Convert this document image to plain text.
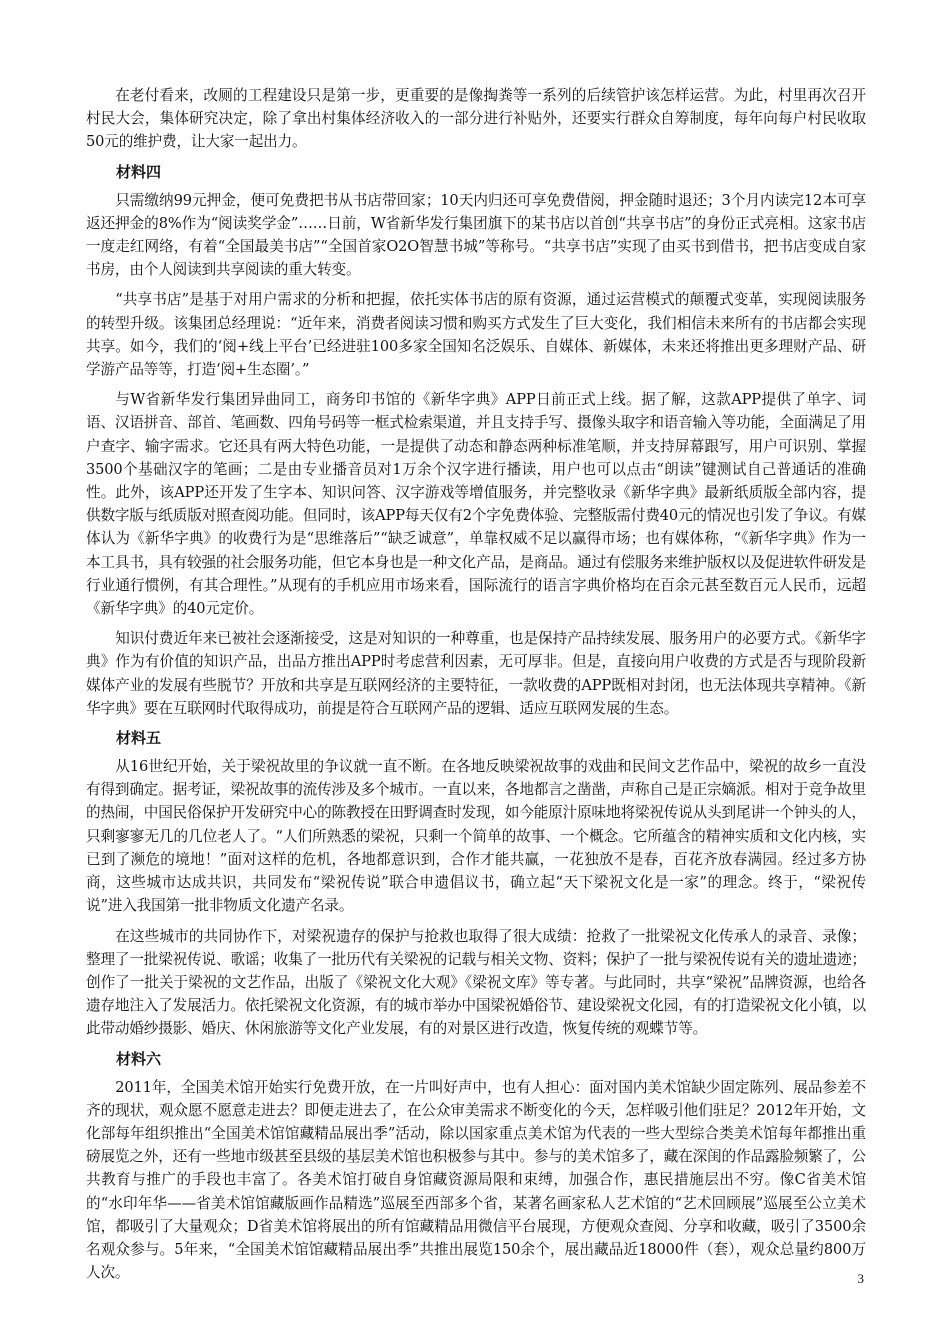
在老付看来，改厕的工程建设只是第一步，更重要的是像掏粪等一系列的后续管护该怎样运营。为此，村里再次召开村民大会，集体研究决定，除了拿出村集体经济收入的一部分进行补贴外，还要实行群众自筹制度，每年向每户村民收取50元的维护费，让大家一起出力。

材料四

只需缴纳99元押金，便可免费把书从书店带回家；10天内归还可享免费借阅，押金随时退还；3个月内读完12本可享返还押金的8%作为“阅读奖学金”……日前，W省新华发行集团旗下的某书店以首创“共享书店”的身份正式亮相。这家书店一度走红网络，有着“全国最美书店”“全国首家O2O智慧书城”等称号。“共享书店”实现了由买书到借书，把书店变成自家书房，由个人阅读到共享阅读的重大转变。

“共享书店”是基于对用户需求的分析和把握，依托实体书店的原有资源，通过运营模式的颠覆式变革，实现阅读服务的转型升级。该集团总经理说：“近年来，消费者阅读习惯和购买方式发生了巨大变化，我们相信未来所有的书店都会实现共享。如今，我们的‘阅+线上平台’已经进驻100多家全国知名泛娱乐、自媒体、新媒体，未来还将推出更多理财产品、研学游产品等等，打造‘阅+生态圈’。”

与W省新华发行集团异曲同工，商务印书馆的《新华字典》APP日前正式上线。据了解，这款APP提供了单字、词语、汉语拼音、部首、笔画数、四角号码等一框式检索渠道，并且支持手写、摄像头取字和语音输入等功能，全面满足了用户查字、输字需求。它还具有两大特色功能，一是提供了动态和静态两种标准笔顺，并支持屏幕跟写，用户可识别、掌握3500个基础汉字的笔画；二是由专业播音员对1万余个汉字进行播读，用户也可以点击“朗读”键测试自己普通话的准确性。此外，该APP还开发了生字本、知识问答、汉字游戏等增值服务，并完整收录《新华字典》最新纸质版全部内容，提供数字版与纸质版对照查阅功能。但同时，该APP每天仅有2个字免费体验、完整版需付费40元的情况也引发了争议。有媒体认为《新华字典》的收费行为是“思维落后”“缺乏诚意”，单靠权威不足以赢得市场；也有媒体称，“《新华字典》作为一本工具书，具有较强的社会服务功能，但它本身也是一种文化产品，是商品。通过有偿服务来维护版权以及促进软件研发是行业通行惯例，有其合理性。”从现有的手机应用市场来看，国际流行的语言字典价格均在百余元甚至数百元人民币，远超《新华字典》的40元定价。

知识付费近年来已被社会逐渐接受，这是对知识的一种尊重，也是保持产品持续发展、服务用户的必要方式。《新华字典》作为有价值的知识产品，出品方推出APP时考虑营利因素，无可厚非。但是，直接向用户收费的方式是否与现阶段新媒体产业的发展有些脱节？开放和共享是互联网经济的主要特征，一款收费的APP既相对封闭，也无法体现共享精神。《新华字典》要在互联网时代取得成功，前提是符合互联网产品的逻辑、适应互联网发展的生态。

材料五

从16世纪开始，关于梁祝故里的争议就一直不断。在各地反映梁祝故事的戏曲和民间文艺作品中，梁祝的故乡一直没有得到确定。据考证，梁祝故事的流传涉及多个城市。一直以来，各地都言之凿凿，声称自己是正宗嫡派。相对于竞争故里的热闹，中国民俗保护开发研究中心的陈教授在田野调查时发现，如今能原汁原味地将梁祝传说从头到尾讲一个钟头的人，只剩寥寥无几的几位老人了。“人们所熟悉的梁祝，只剩一个简单的故事、一个概念。它所蕴含的精神实质和文化内核，实已到了濒危的境地！”面对这样的危机，各地都意识到，合作才能共赢，一花独放不是春，百花齐放春满园。经过多方协商，这些城市达成共识，共同发布“梁祝传说”联合申遗倡议书，确立起“天下梁祝文化是一家”的理念。终于，“梁祝传说”进入我国第一批非物质文化遗产名录。

在这些城市的共同协作下，对梁祝遗存的保护与抢救也取得了很大成绩：抢救了一批梁祝文化传承人的录音、录像；整理了一批梁祝传说、歌谣；收集了一批历代有关梁祝的记载与相关文物、资料；保护了一批与梁祝传说有关的遗址遗迹；创作了一批关于梁祝的文艺作品，出版了《梁祝文化大观》《梁祝文库》等专著。与此同时，共享“梁祝”品牌资源，也给各遗存地注入了发展活力。依托梁祝文化资源，有的城市举办中国梁祝婚俗节、建设梁祝文化园，有的打造梁祝文化小镇，以此带动婚纱摄影、婚庆、休闲旅游等文化产业发展，有的对景区进行改造，恢复传统的观蝶节等。

材料六

2011年，全国美术馆开始实行免费开放，在一片叫好声中，也有人担心：面对国内美术馆缺少固定陈列、展品参差不齐的现状，观众愿不愿意走进去？即便走进去了，在公众审美需求不断变化的今天，怎样吸引他们驻足？2012年开始，文化部每年组织推出“全国美术馆馆藏精品展出季”活动，除以国家重点美术馆为代表的一些大型综合类美术馆每年都推出重磅展览之外，还有一些地市级甚至县级的基层美术馆也积极参与其中。参与的美术馆多了，藏在深闺的作品露脸频繁了，公共教育与推广的手段也丰富了。各美术馆打破自身馆藏资源局限和束缚，加强合作，惠民措施层出不穷。像C省美术馆的“水印年华——省美术馆馆藏版画作品精选”巡展至西部多个省，某著名画家私人艺术馆的“艺术回顾展”巡展至公立美术馆，都吸引了大量观众；D省美术馆将展出的所有馆藏精品用微信平台展现，方便观众查阅、分享和收藏，吸引了3500余名观众参与。5年来，“全国美术馆馆藏精品展出季”共推出展览150余个，展出藏品近18000件（套），观众总量约800万人次。	3
